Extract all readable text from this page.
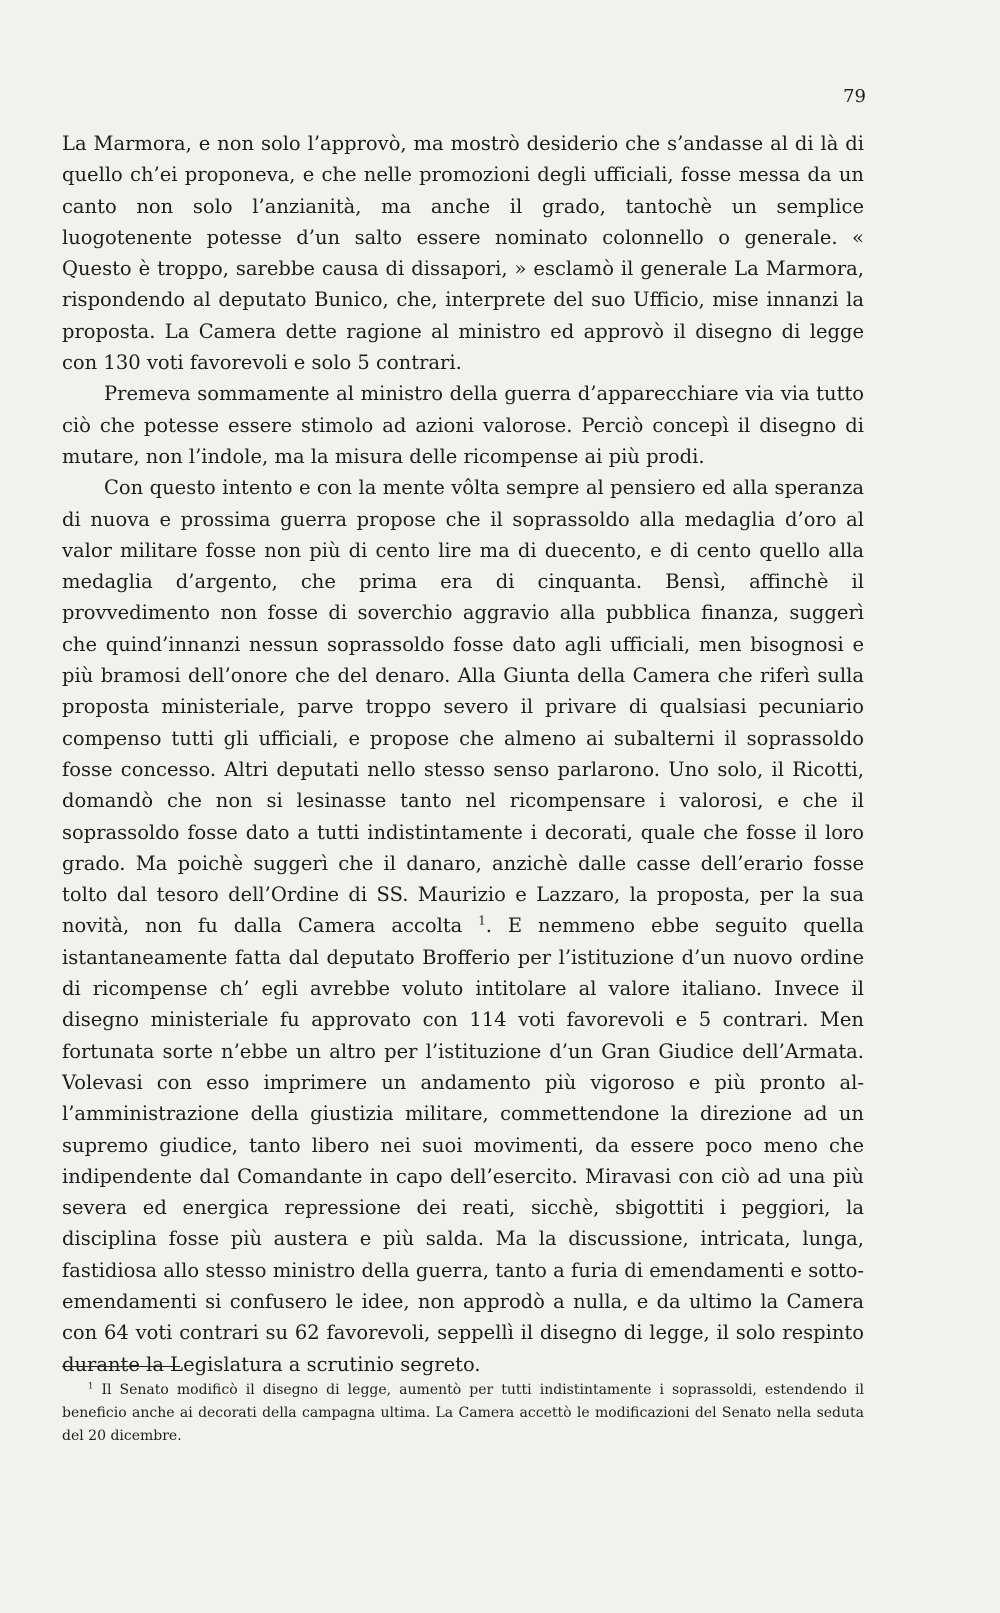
79

La Marmora, e non solo l’approvò, ma mostrò desiderio che s’andasse al di là di quello ch’ei proponeva, e che nelle promozioni degli ufficiali, fosse messa da un canto non solo l’anzianità, ma anche il grado, tantochè un semplice luogotenente potesse d’un salto essere nominato colonnello o generale. « Questo è troppo, sarebbe causa di dissapori, » esclamò il generale La Marmora, rispondendo al deputato Bunico, che, interprete del suo Ufficio, mise innanzi la proposta. La Camera dette ragione al ministro ed approvò il disegno di legge con 130 voti favorevoli e solo 5 contrari.

Premeva sommamente al ministro della guerra d’apparecchiare via via tutto ciò che potesse essere stimolo ad azioni valorose. Perciò concepì il disegno di mutare, non l’indole, ma la misura delle ricompense ai più prodi.

Con questo intento e con la mente vôlta sempre al pensiero ed alla speranza di nuova e prossima guerra propose che il soprassoldo alla medaglia d’oro al valor militare fosse non più di cento lire ma di duecento, e di cento quello alla medaglia d’argento, che prima era di cinquanta. Bensì, affinchè il provvedimento non fosse di soverchio aggravio alla pubblica finanza, suggerì che quind’innanzi nessun soprassoldo fosse dato agli ufficiali, men bisognosi e più bramosi dell’onore che del denaro. Alla Giunta della Camera che riferì sulla proposta ministeriale, parve troppo severo il privare di qualsiasi pecuniario compenso tutti gli ufficiali, e propose che almeno ai subalterni il soprassoldo fosse concesso. Altri deputati nello stesso senso parlarono. Uno solo, il Ricotti, domandò che non si lesinasse tanto nel ricompensare i valorosi, e che il soprassoldo fosse dato a tutti indistintamente i decorati, quale che fosse il loro grado. Ma poichè suggerì che il danaro, anzichè dalle casse dell’erario fosse tolto dal tesoro dell’Ordine di SS. Maurizio e Lazzaro, la proposta, per la sua novità, non fu dalla Camera accolta $^1$. E nemmeno ebbe seguito quella istantaneamente fatta dal deputato Brofferio per l’istituzione d’un nuovo ordine di ricompense ch’ egli avrebbe voluto intitolare al valore italiano. Invece il disegno ministeriale fu approvato con 114 voti favorevoli e 5 contrari. Men fortunata sorte n’ebbe un altro per l’istituzione d’un Gran Giudice dell’Armata. Volevasi con esso imprimere un andamento più vigoroso e più pronto all’amministrazione della giustizia militare, commettendone la direzione ad un supremo giudice, tanto libero nei suoi movimenti, da essere poco meno che indipendente dal Comandante in capo dell’esercito. Miravasi con ciò ad una più severa ed energica repressione dei reati, sicchè, sbigottiti i peggiori, la disciplina fosse più austera e più salda. Ma la discussione, intricata, lunga, fastidiosa allo stesso ministro della guerra, tanto a furia di emendamenti e sotto-emendamenti si confusero le idee, non approdò a nulla, e da ultimo la Camera con 64 voti contrari su 62 favorevoli, seppellì il disegno di legge, il solo respinto durante la Legislatura a scrutinio segreto.

$^1$ Il Senato modificò il disegno di legge, aumentò per tutti indistintamente i soprassoldi, estendendo il beneficio anche ai decorati della campagna ultima. La Camera accettò le modificazioni del Senato nella seduta del 20 dicembre.
